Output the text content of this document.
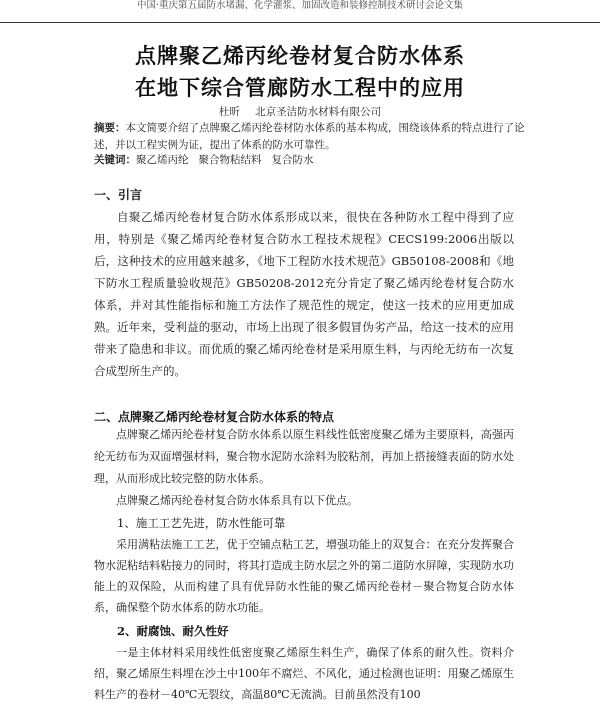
中国·重庆第五届防水堵漏、化学灌浆、加固改造和装修控制技术研讨会论文集
点牌聚乙烯丙纶卷材复合防水体系
在地下综合管廊防水工程中的应用
杜昕 北京圣洁防水材料有限公司
摘要：本文简要介绍了点牌聚乙烯丙纶卷材防水体系的基本构成，围绕该体系的特点进行了论述，并以工程实例为证，提出了体系的防水可靠性。
关键词：聚乙烯丙纶 聚合物粘结料 复合防水
一、引言

自聚乙烯丙纶卷材复合防水体系形成以来，很快在各种防水工程中得到了应用，特别是《聚乙烯丙纶卷材复合防水工程技术规程》CECS199:2006出版以后，这种技术的应用越来越多，《地下工程防水技术规范》GB50108-2008和《地下防水工程质量验收规范》GB50208-2012充分肯定了聚乙烯丙纶卷材复合防水体系，并对其性能指标和施工方法作了规范性的规定，使这一技术的应用更加成熟。 近年来，受利益的驱动，市场上出现了很多假冒伪劣产品，给这一技术的应用带来了隐患和非议。而优质的聚乙烯丙纶卷材是采用原生料，与丙纶无纺布一次复合成型所生产的。

二、点牌聚乙烯丙纶卷材复合防水体系的特点

点牌聚乙烯丙纶卷材复合防水体系以原生料线性低密度聚乙烯为主要原料，高强丙纶无纺布为双面增强材料，聚合物水泥防水涂料为胶粘剂，再加上搭接缝表面的防水处理，从而形成比较完整的防水体系。

点牌聚乙烯丙纶卷材复合防水体系具有以下优点。

1、施工工艺先进，防水性能可靠

采用满粘法施工工艺，优于空铺点粘工艺，增强功能上的双复合：在充分发挥聚合物水泥粘结料粘接力的同时，将其打造成主防水层之外的第二道防水屏障，实现防水功能上的双保险，从而构建了具有优异防水性能的聚乙烯丙纶卷材－聚合物复合防水体系，确保整个防水体系的防水功能。

2、耐腐蚀、耐久性好

一是主体材料采用线性低密度聚乙烯原生料生产，确保了体系的耐久性。资料介绍，聚乙烯原生料埋在沙土中100年不腐烂、不风化，通过检测也证明：用聚乙烯原生料生产的卷材－40℃无裂纹，高温80℃无流淌。目前虽然没有100
